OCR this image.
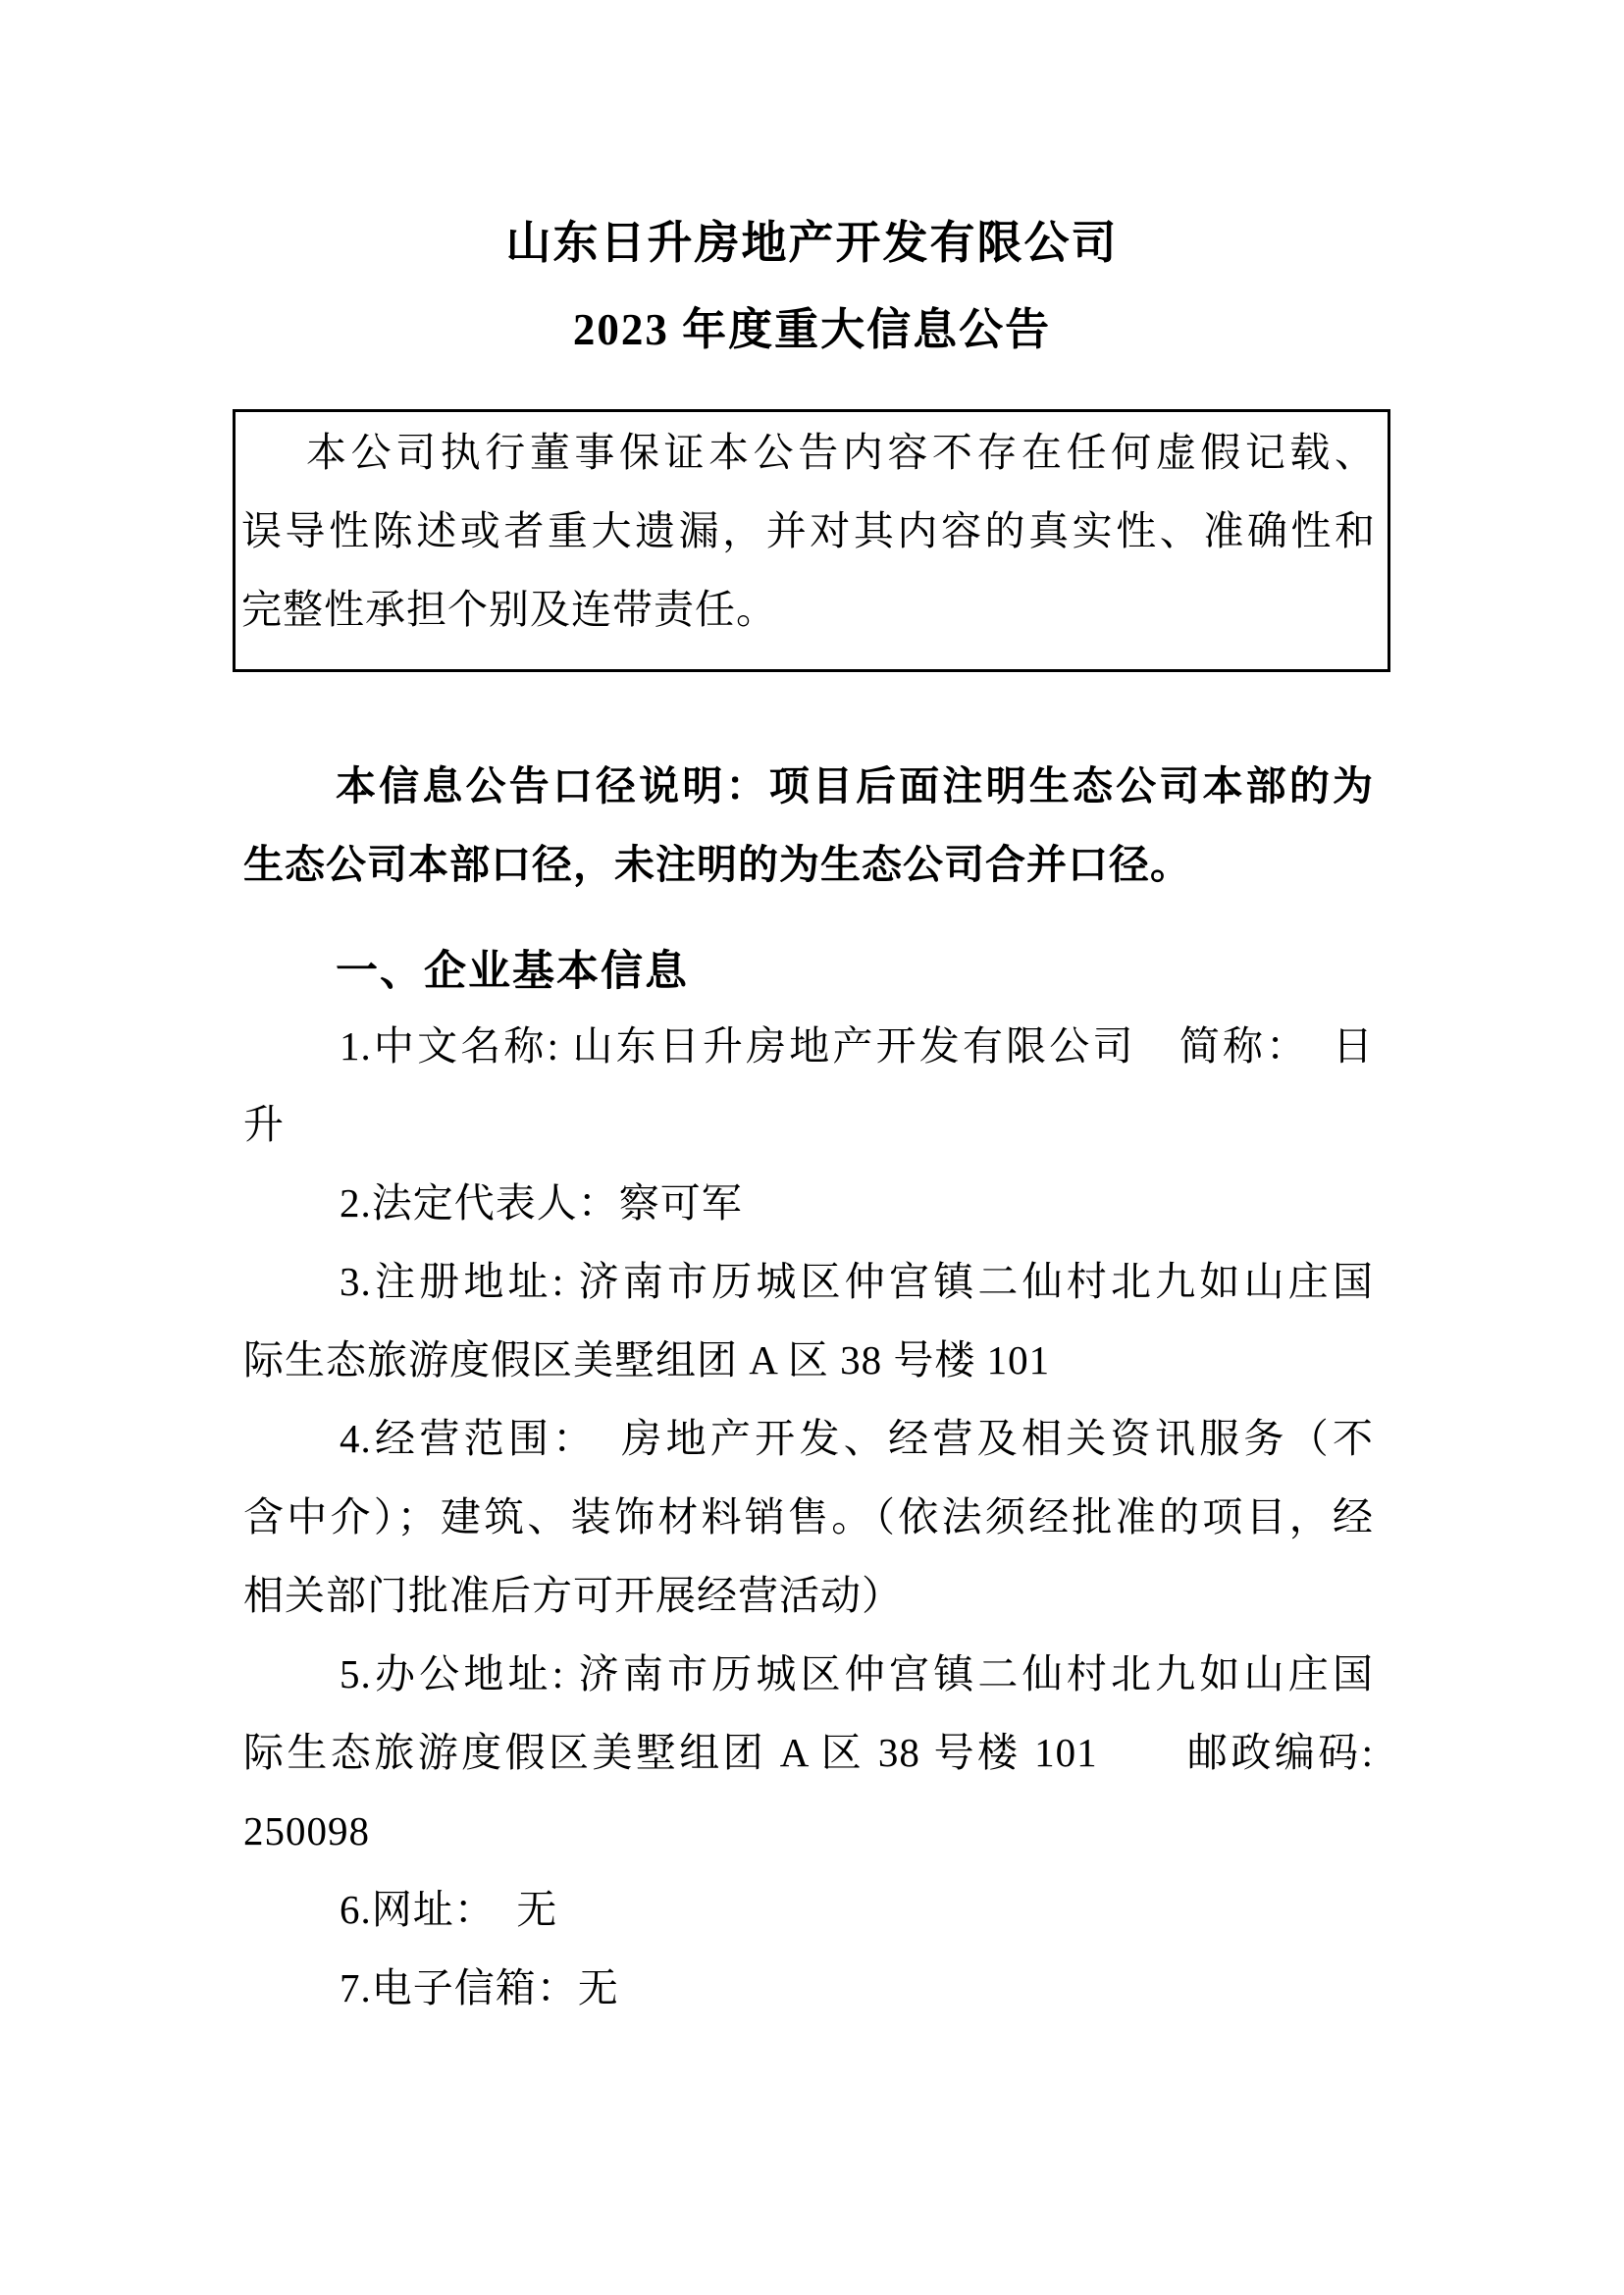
山东日升房地产开发有限公司
2023 年度重大信息公告
本公司执行董事保证本公告内容不存在任何虚假记载、
误导性陈述或者重大遗漏，并对其内容的真实性、准确性和
完整性承担个别及连带责任。
本信息公告口径说明：项目后面注明生态公司本部的为
生态公司本部口径，未注明的为生态公司合并口径。
一、企业基本信息
1.中文名称: 山东日升房地产开发有限公司　简称：　日
升
2.法定代表人：察可军
3.注册地址: 济南市历城区仲宫镇二仙村北九如山庄国
际生态旅游度假区美墅组团 A 区 38 号楼 101
4.经营范围：　房地产开发、经营及相关资讯服务（不
含中介）；建筑、装饰材料销售。（依法须经批准的项目，经
相关部门批准后方可开展经营活动）
5.办公地址: 济南市历城区仲宫镇二仙村北九如山庄国
际生态旅游度假区美墅组团 A 区 38 号楼 101　　邮政编码:
250098
6.网址：　无
7.电子信箱：无
